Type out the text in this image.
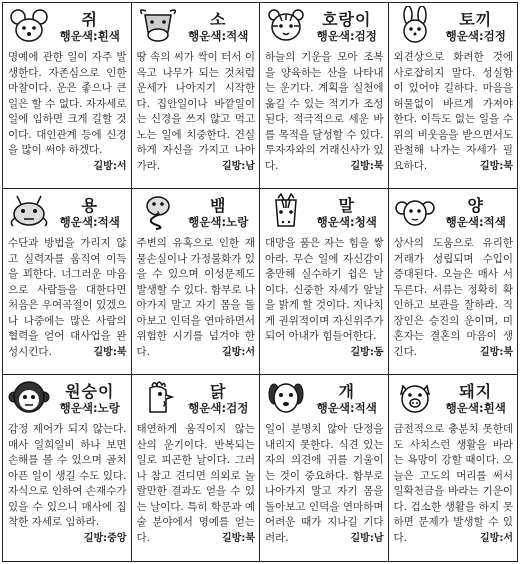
쥐
행운색:흰색
명예에 관한 일이 자주 발생한다. 자존심으로 인한 마찰이다. 운은 좋으나 큰일은 할 수 없다. 자자세로 일에 임하면 크게 길할 것이다. 대인관계 등에 신경을 많이 써야 하겠다.
길방:서
소
행운색:적색
땅 속의 씨가 싹이 터서 이윽고 나무가 되는 것처럼 운세가 나아지기 시작한다. 집안일이나 바깥일이는 신경을 쓰지 않고 먹고 노는 일에 치중한다. 건실하게 자신을 가지고 나아가라.	길방:남
호랑이
행운색:검정
하늘의 기운을 모아 조복을 양육하는 산을 나타내는 운기다. 계획을 실천에 옮길 수 있는 적기가 조성된다. 적극적으로 세운 바를 목적을 달성할 수 있다. 투자자와의 거래신사가 있다.	길방:북
토끼
행운색:검정
외견상으로 화려한 것에 사로잡히지 말다. 성실함이 있어야 길하다. 마음을 허물없이 바르게 가져야 한다. 이득도 없는 일을 수위의 비웃음을 받으면서도 관철해 나가는 자세가 필요하다.	길방:북
용
행운색:적색
수단과 방법을 가리지 않고 실력자를 움직여 이득을 꾀한다. 너그러운 마음으로 사람들을 대한다면 처음은 우여곡절이 있겠으나 나중에는 많은 사람의 협력을 얻어 대사업을 완성시킨다.	길방:북
뱀
행운색:노랑
주변의 유혹으로 인한 재물손실이나 가정불화가 있을 수 있으며 이성문제도 발생할 수 있다. 함부로 나아가지 말고 자기 몸을 돌아보고 인덕을 연마하면서 위험한 시기를 넘겨야 한다.	길방:서
말
행운색:청색
대망을 품은 자는 힘을 쌓아라. 무슨 일에 자신감이 충만해 실수하기 쉽은 날이다. 신중한 자세가 앞날을 밝게 할 것이다. 지나치게 권위적이며 자신위주가 되어 아내가 힘들어한다.
길방:동
양
행운색:적색
상사의 도움으로 유리한 거래가 성립되며 수입이 증대된다. 오늘은 매사 서두른다. 서류는 정확히 확인하고 보관을 잘하라. 직장인은 승진의 운이며, 미혼자는 결혼의 마음이 생긴다.	길방:북
원숭이
행운색:노랑
감정 제어가 되지 않는다. 매사 일희일비 하나 보면 손해를 볼 수 있으며 골치 아픈 일이 생길 수도 있다. 자식으로 인하여 손재수가 있을 수 있으니 매사에 집착한 자세로 임하라.
길방:중앙
닭
행운색:검정
태연하게 움직이지 않는 산의 운기이다. 반복되는 일로 피곤한 날이다. 그러나 참고 견디면 의외로 놀랄만한 결과도 얻을 수 있는 날이다. 특히 학문과 예술 분야에서 명예를 얻는다.	길방:북
개
행운색:적색
일이 분명치 않아 단정을 내리지 못한다. 식견 있는 자의 의견에 귀를 기울이는 것이 중요하다. 함부로 나아가지 말고 자기 몸을 돌아보고 인덕을 연마하며 어려운 때가 지나길 기다려라.	길방:남
돼지
행운색:흰색
금전적으로 충분치 못한데도 사치스런 생활을 바라는 욕망이 강할 때이다. 오늘은 고도의 머리를 써서 일확천금을 바라는 기운이다. 검소한 생활을 하지 못하면 문제가 발생할 수 있다.	길방:서
